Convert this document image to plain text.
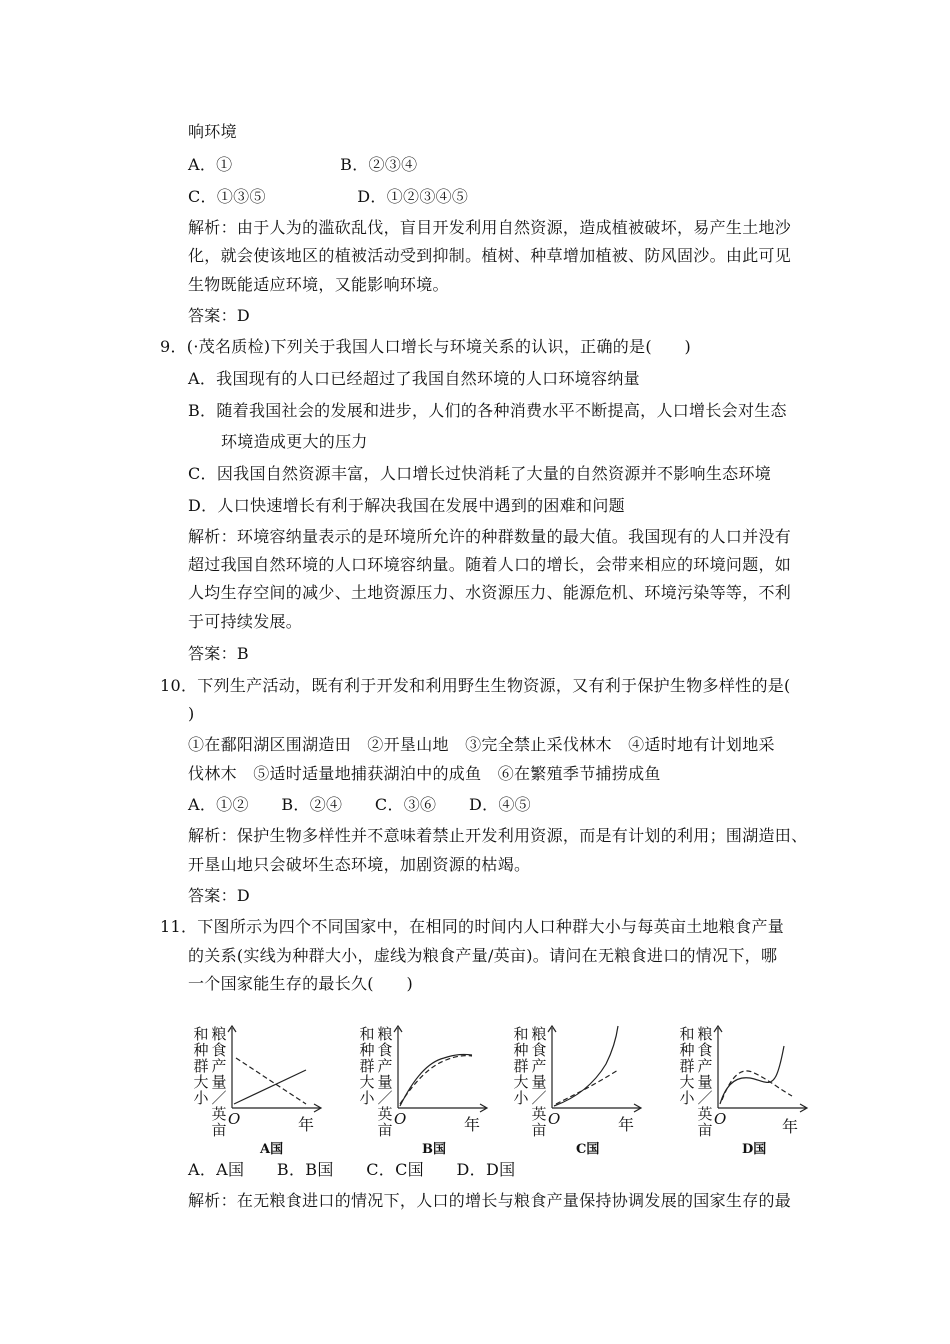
响环境
A．①                    B．②③④
C．①③⑤                 D．①②③④⑤
解析：由于人为的滥砍乱伐，盲目开发利用自然资源，造成植被破坏，易产生土地沙
化，就会使该地区的植被活动受到抑制。植树、种草增加植被、防风固沙。由此可见
生物既能适应环境，又能影响环境。
答案：D
9．(·茂名质检)下列关于我国人口增长与环境关系的认识，正确的是(　　)
A．我国现有的人口已经超过了我国自然环境的人口环境容纳量
B．随着我国社会的发展和进步，人们的各种消费水平不断提高，人口增长会对生态
环境造成更大的压力
C．因我国自然资源丰富，人口增长过快消耗了大量的自然资源并不影响生态环境
D．人口快速增长有利于解决我国在发展中遇到的困难和问题
解析：环境容纳量表示的是环境所允许的种群数量的最大值。我国现有的人口并没有
超过我国自然环境的人口环境容纳量。随着人口的增长，会带来相应的环境问题，如
人均生存空间的减少、土地资源压力、水资源压力、能源危机、环境污染等等，不利
于可持续发展。
答案：B
10．下列生产活动，既有利于开发和利用野生生物资源，又有利于保护生物多样性的是(
)
①在鄱阳湖区围湖造田　②开垦山地　③完全禁止采伐林木　④适时地有计划地采
伐林木　⑤适时适量地捕获湖泊中的成鱼　⑥在繁殖季节捕捞成鱼
A．①②　　B．②④　　C．③⑥　　D．④⑤
解析：保护生物多样性并不意味着禁止开发利用资源，而是有计划的利用；围湖造田、
开垦山地只会破坏生态环境，加剧资源的枯竭。
答案：D
11．下图所示为四个不同国家中，在相同的时间内人口种群大小与每英亩土地粮食产量
的关系(实线为种群大小，虚线为粮食产量/英亩)。请问在无粮食进口的情况下，哪
一个国家能生存的最长久(　　)
A．A国　　B．B国　　C．C国　　D．D国
解析：在无粮食进口的情况下，人口的增长与粮食产量保持协调发展的国家生存的最
和
种
群
大
小
粮
食
产
量
／
英
亩
O	年
A国
和
种
群
大
小
粮
食
产
量
／
英
亩
O	年
B国
和
种
群
大
小
粮
食
产
量
／
英
亩
O	年
C国
和
种
群
大
小
粮
食
产
量
／
英
亩
O	年
D国
